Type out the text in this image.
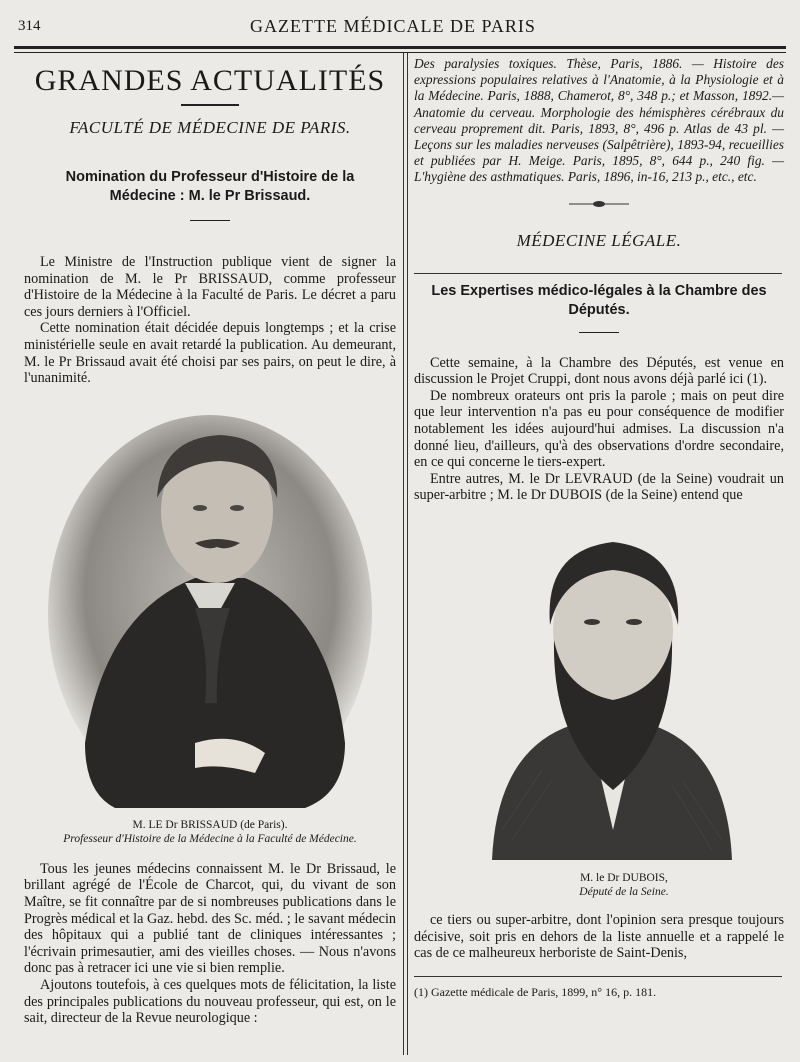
314	GAZETTE MÉDICALE DE PARIS
GRANDES ACTUALITÉS
FACULTÉ DE MÉDECINE DE PARIS.
Nomination du Professeur d'Histoire de la Médecine : M. le Pr Brissaud.

Le Ministre de l'Instruction publique vient de signer la nomination de M. le Pr BRISSAUD, comme professeur d'Histoire de la Médecine à la Faculté de Paris. Le décret a paru ces jours derniers à l'Officiel.

Cette nomination était décidée depuis longtemps ; et la crise ministérielle seule en avait retardé la publication. Au demeurant, M. le Pr Brissaud avait été choisi par ses pairs, on peut le dire, à l'unanimité.

M. LE Dr BRISSAUD (de Paris).
Professeur d'Histoire de la Médecine à la Faculté de Médecine.

Tous les jeunes médecins connaissent M. le Dr Brissaud, le brillant agrégé de l'École de Charcot, qui, du vivant de son Maître, se fit connaître par de si nombreuses publications dans le Progrès médical et la Gaz. hebd. des Sc. méd. ; le savant médecin des hôpitaux qui a publié tant de cliniques intéressantes ; l'écrivain primesautier, ami des vieilles choses. — Nous n'avons donc pas à retracer ici une vie si bien remplie.

Ajoutons toutefois, à ces quelques mots de félicitation, la liste des principales publications du nouveau professeur, qui est, on le sait, directeur de la Revue neurologique :

Des paralysies toxiques. Thèse, Paris, 1886. — Histoire des expressions populaires relatives à l'Anatomie, à la Physiologie et à la Médecine. Paris, 1888, Chamerot, 8°, 348 p.; et Masson, 1892.— Anatomie du cerveau. Morphologie des hémisphères cérébraux du cerveau proprement dit. Paris, 1893, 8°, 496 p. Atlas de 43 pl. — Leçons sur les maladies nerveuses (Salpêtrière), 1893-94, recueillies et publiées par H. Meige. Paris, 1895, 8°, 644 p., 240 fig. — L'hygiène des asthmatiques. Paris, 1896, in-16, 213 p., etc., etc.

MÉDECINE LÉGALE.
Les Expertises médico-légales à la Chambre des Députés.

Cette semaine, à la Chambre des Députés, est venue en discussion le Projet Cruppi, dont nous avons déjà parlé ici (1).

De nombreux orateurs ont pris la parole ; mais on peut dire que leur intervention n'a pas eu pour conséquence de modifier notablement les idées aujourd'hui admises. La discussion n'a donné lieu, d'ailleurs, qu'à des observations d'ordre secondaire, en ce qui concerne le tiers-expert.

Entre autres, M. le Dr LEVRAUD (de la Seine) voudrait un super-arbitre ; M. le Dr DUBOIS (de la Seine) entend que

M. le Dr DUBOIS,
Député de la Seine.

ce tiers ou super-arbitre, dont l'opinion sera presque toujours décisive, soit pris en dehors de la liste annuelle et a rappelé le cas de ce malheureux herboriste de Saint-Denis,

(1) Gazette médicale de Paris, 1899, n° 16, p. 181.
